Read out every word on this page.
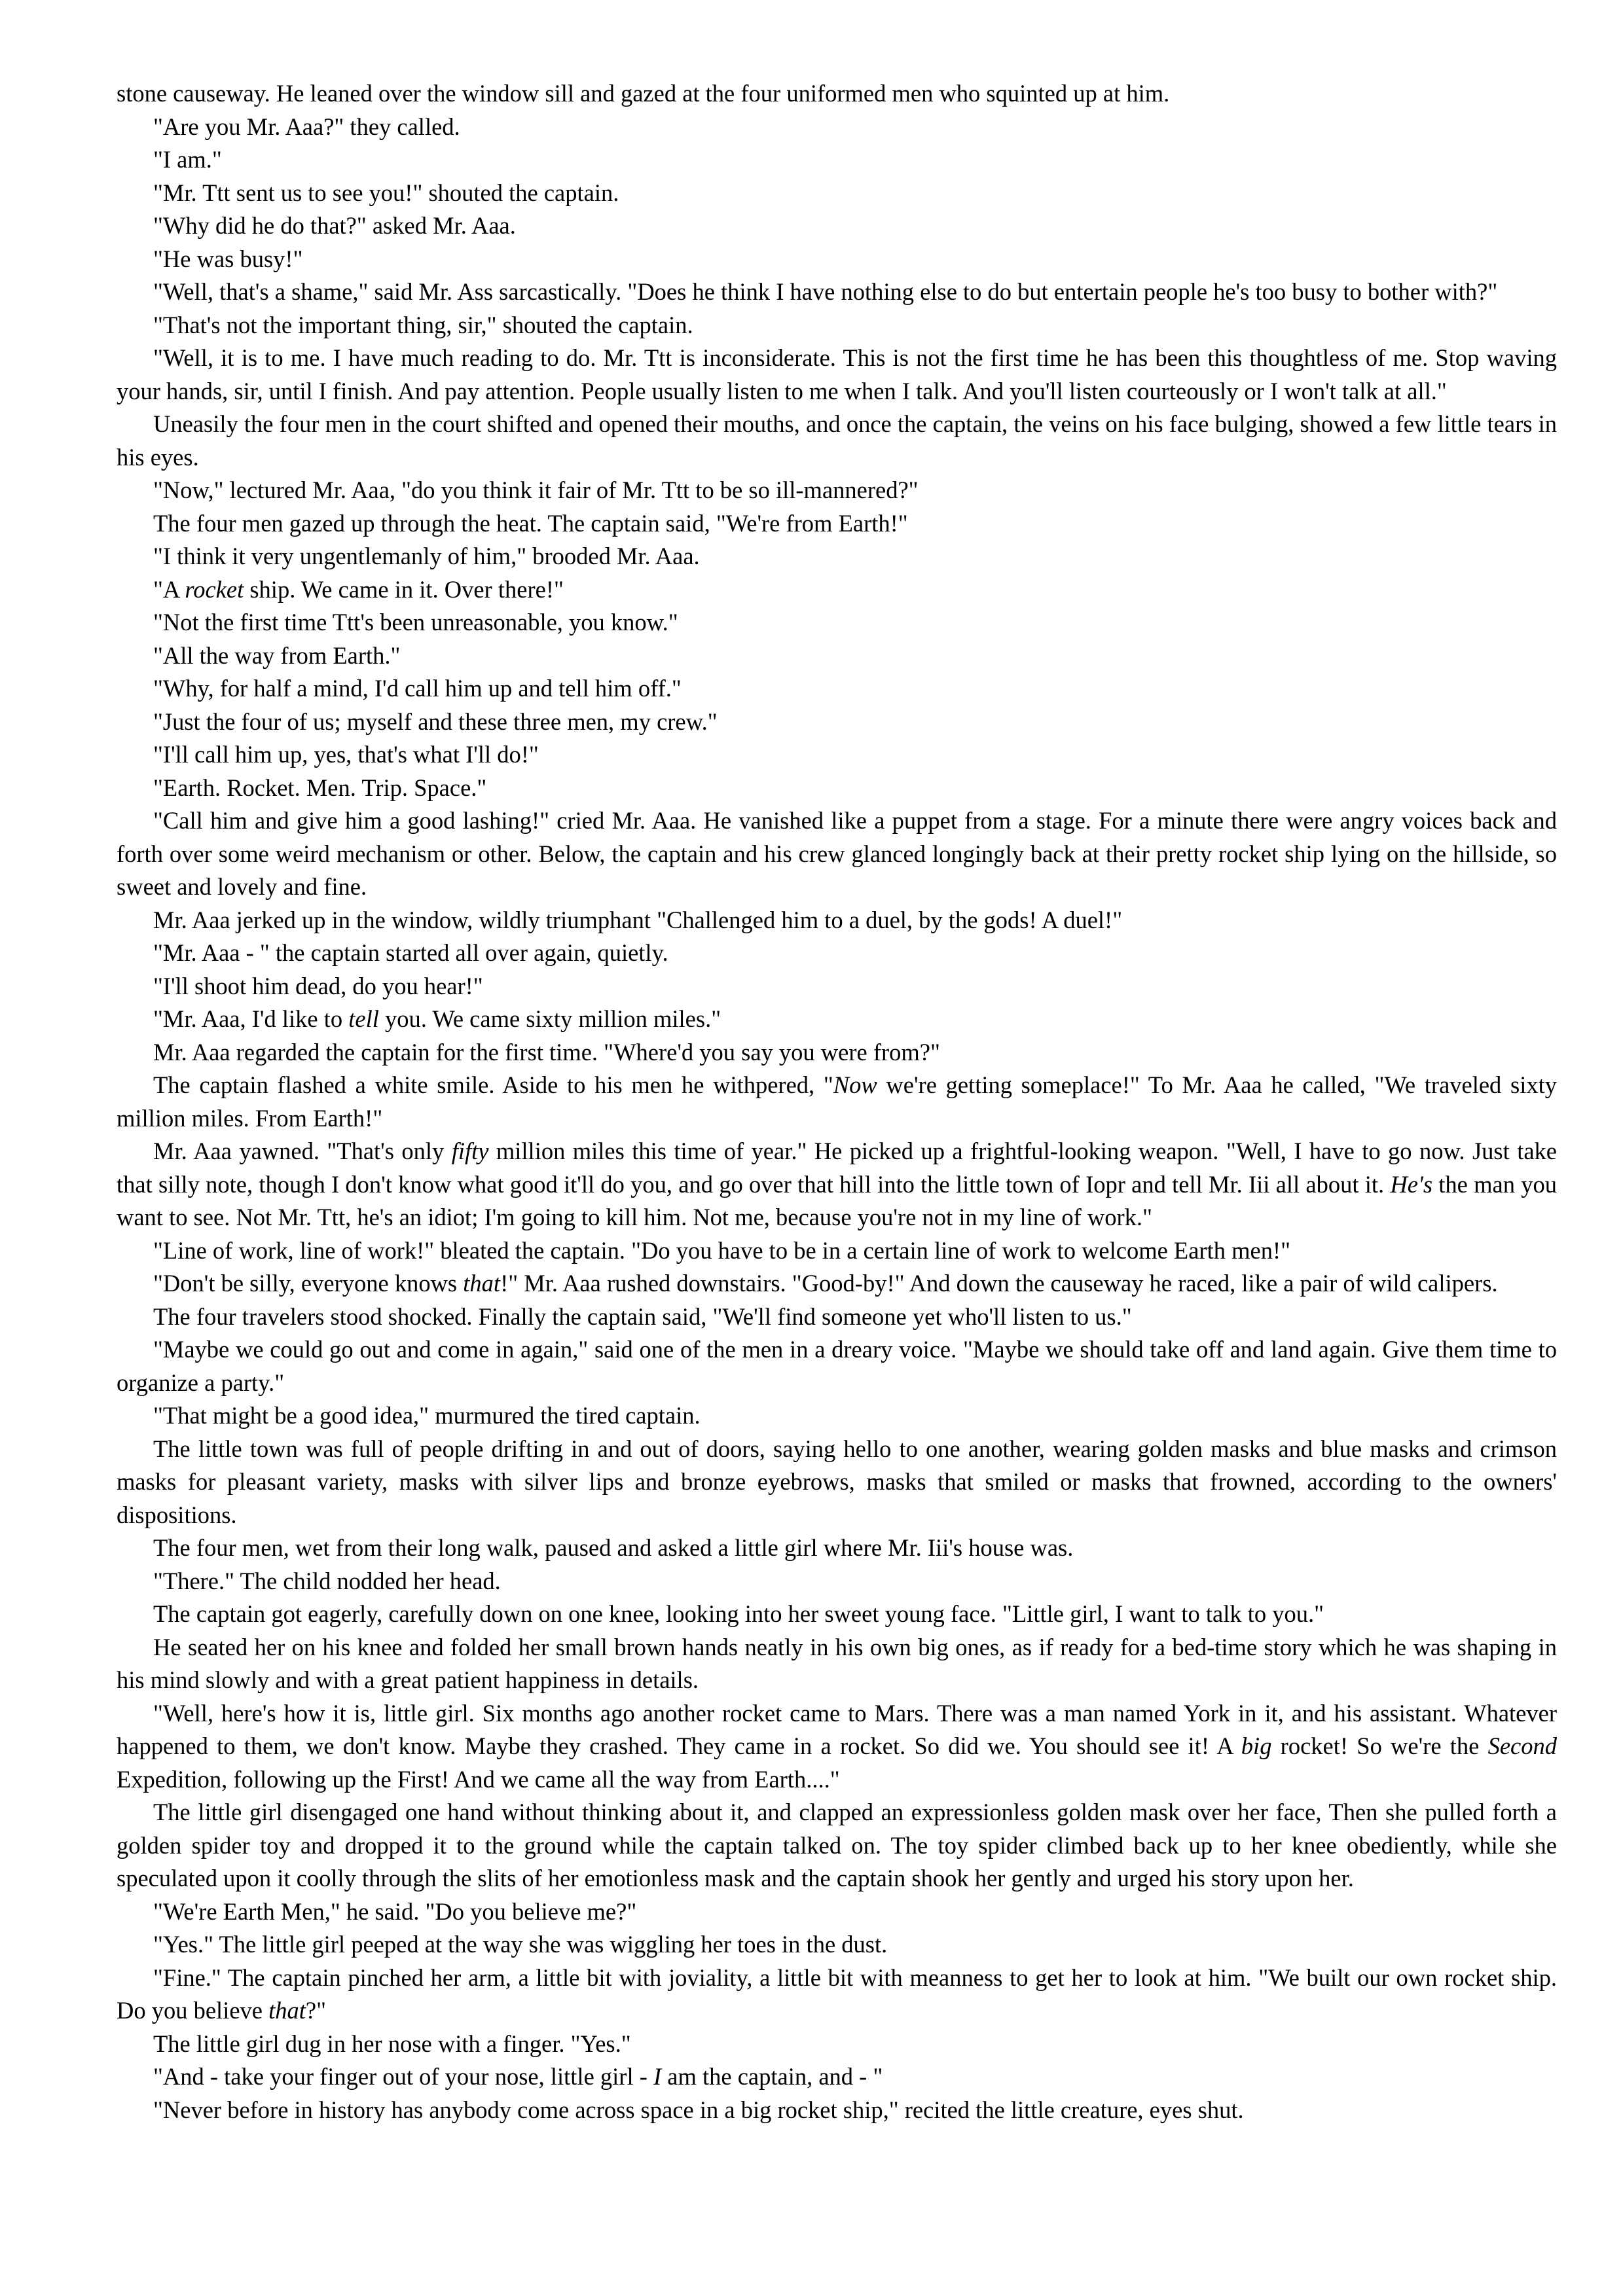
stone causeway. He leaned over the window sill and gazed at the four uniformed men who squinted up at him.

"Are you Mr. Aaa?" they called.

"I am."

"Mr. Ttt sent us to see you!" shouted the captain.

"Why did he do that?" asked Mr. Aaa.

"He was busy!"

"Well, that's a shame," said Mr. Ass sarcastically. "Does he think I have nothing else to do but entertain people he's too busy to bother with?"

"That's not the important thing, sir," shouted the captain.

"Well, it is to me. I have much reading to do. Mr. Ttt is inconsiderate. This is not the first time he has been this thoughtless of me. Stop waving your hands, sir, until I finish. And pay attention. People usually listen to me when I talk. And you'll listen courteously or I won't talk at all."

Uneasily the four men in the court shifted and opened their mouths, and once the captain, the veins on his face bulging, showed a few little tears in his eyes.

"Now," lectured Mr. Aaa, "do you think it fair of Mr. Ttt to be so ill-mannered?"

The four men gazed up through the heat. The captain said, "We're from Earth!"

"I think it very ungentlemanly of him," brooded Mr. Aaa.

"A rocket ship. We came in it. Over there!"

"Not the first time Ttt's been unreasonable, you know."

"All the way from Earth."

"Why, for half a mind, I'd call him up and tell him off."

"Just the four of us; myself and these three men, my crew."

"I'll call him up, yes, that's what I'll do!"

"Earth. Rocket. Men. Trip. Space."

"Call him and give him a good lashing!" cried Mr. Aaa. He vanished like a puppet from a stage. For a minute there were angry voices back and forth over some weird mechanism or other. Below, the captain and his crew glanced longingly back at their pretty rocket ship lying on the hillside, so sweet and lovely and fine.

Mr. Aaa jerked up in the window, wildly triumphant "Challenged him to a duel, by the gods! A duel!"

"Mr. Aaa - " the captain started all over again, quietly.

"I'll shoot him dead, do you hear!"

"Mr. Aaa, I'd like to tell you. We came sixty million miles."

Mr. Aaa regarded the captain for the first time. "Where'd you say you were from?"

The captain flashed a white smile. Aside to his men he withpered, "Now we're getting someplace!" To Mr. Aaa he called, "We traveled sixty million miles. From Earth!"

Mr. Aaa yawned. "That's only fifty million miles this time of year." He picked up a frightful-looking weapon. "Well, I have to go now. Just take that silly note, though I don't know what good it'll do you, and go over that hill into the little town of Iopr and tell Mr. Iii all about it. He's the man you want to see. Not Mr. Ttt, he's an idiot; I'm going to kill him. Not me, because you're not in my line of work."

"Line of work, line of work!" bleated the captain. "Do you have to be in a certain line of work to welcome Earth men!"

"Don't be silly, everyone knows that!" Mr. Aaa rushed downstairs. "Good-by!" And down the causeway he raced, like a pair of wild calipers.

The four travelers stood shocked. Finally the captain said, "We'll find someone yet who'll listen to us."

"Maybe we could go out and come in again," said one of the men in a dreary voice. "Maybe we should take off and land again. Give them time to organize a party."

"That might be a good idea," murmured the tired captain.

The little town was full of people drifting in and out of doors, saying hello to one another, wearing golden masks and blue masks and crimson masks for pleasant variety, masks with silver lips and bronze eyebrows, masks that smiled or masks that frowned, according to the owners' dispositions.

The four men, wet from their long walk, paused and asked a little girl where Mr. Iii's house was.

"There." The child nodded her head.

The captain got eagerly, carefully down on one knee, looking into her sweet young face. "Little girl, I want to talk to you."

He seated her on his knee and folded her small brown hands neatly in his own big ones, as if ready for a bed-time story which he was shaping in his mind slowly and with a great patient happiness in details.

"Well, here's how it is, little girl. Six months ago another rocket came to Mars. There was a man named York in it, and his assistant. Whatever happened to them, we don't know. Maybe they crashed. They came in a rocket. So did we. You should see it! A big rocket! So we're the Second Expedition, following up the First! And we came all the way from Earth...."

The little girl disengaged one hand without thinking about it, and clapped an expressionless golden mask over her face, Then she pulled forth a golden spider toy and dropped it to the ground while the captain talked on. The toy spider climbed back up to her knee obediently, while she speculated upon it coolly through the slits of her emotionless mask and the captain shook her gently and urged his story upon her.

"We're Earth Men," he said. "Do you believe me?"

"Yes." The little girl peeped at the way she was wiggling her toes in the dust.

"Fine." The captain pinched her arm, a little bit with joviality, a little bit with meanness to get her to look at him. "We built our own rocket ship. Do you believe that?"

The little girl dug in her nose with a finger. "Yes."

"And - take your finger out of your nose, little girl - I am the captain, and - "

"Never before in history has anybody come across space in a big rocket ship," recited the little creature, eyes shut.
